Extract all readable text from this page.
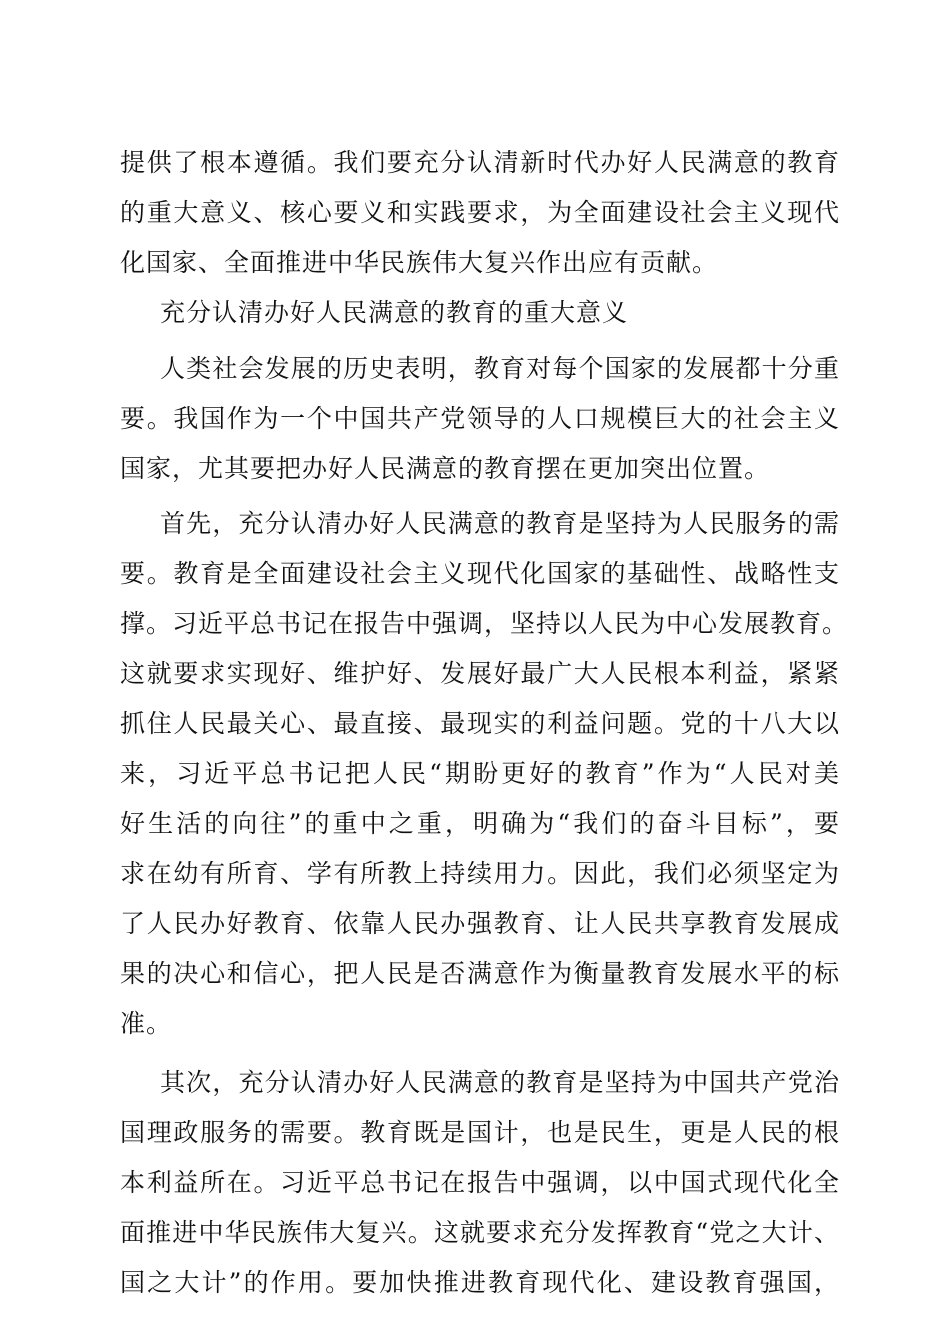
提供了根本遵循。我们要充分认清新时代办好人民满意的教育
的重大意义、核心要义和实践要求，为全面建设社会主义现代
化国家、全面推进中华民族伟大复兴作出应有贡献。
充分认清办好人民满意的教育的重大意义
人类社会发展的历史表明，教育对每个国家的发展都十分重
要。我国作为一个中国共产党领导的人口规模巨大的社会主义
国家，尤其要把办好人民满意的教育摆在更加突出位置。
首先，充分认清办好人民满意的教育是坚持为人民服务的需
要。教育是全面建设社会主义现代化国家的基础性、战略性支
撑。习近平总书记在报告中强调，坚持以人民为中心发展教育。
这就要求实现好、维护好、发展好最广大人民根本利益，紧紧
抓住人民最关心、最直接、最现实的利益问题。党的十八大以
来，习近平总书记把人民“期盼更好的教育”作为“人民对美
好生活的向往”的重中之重，明确为“我们的奋斗目标”，要
求在幼有所育、学有所教上持续用力。因此，我们必须坚定为
了人民办好教育、依靠人民办强教育、让人民共享教育发展成
果的决心和信心，把人民是否满意作为衡量教育发展水平的标
准。
其次，充分认清办好人民满意的教育是坚持为中国共产党治
国理政服务的需要。教育既是国计，也是民生，更是人民的根
本利益所在。习近平总书记在报告中强调，以中国式现代化全
面推进中华民族伟大复兴。这就要求充分发挥教育“党之大计、
国之大计”的作用。要加快推进教育现代化、建设教育强国，
